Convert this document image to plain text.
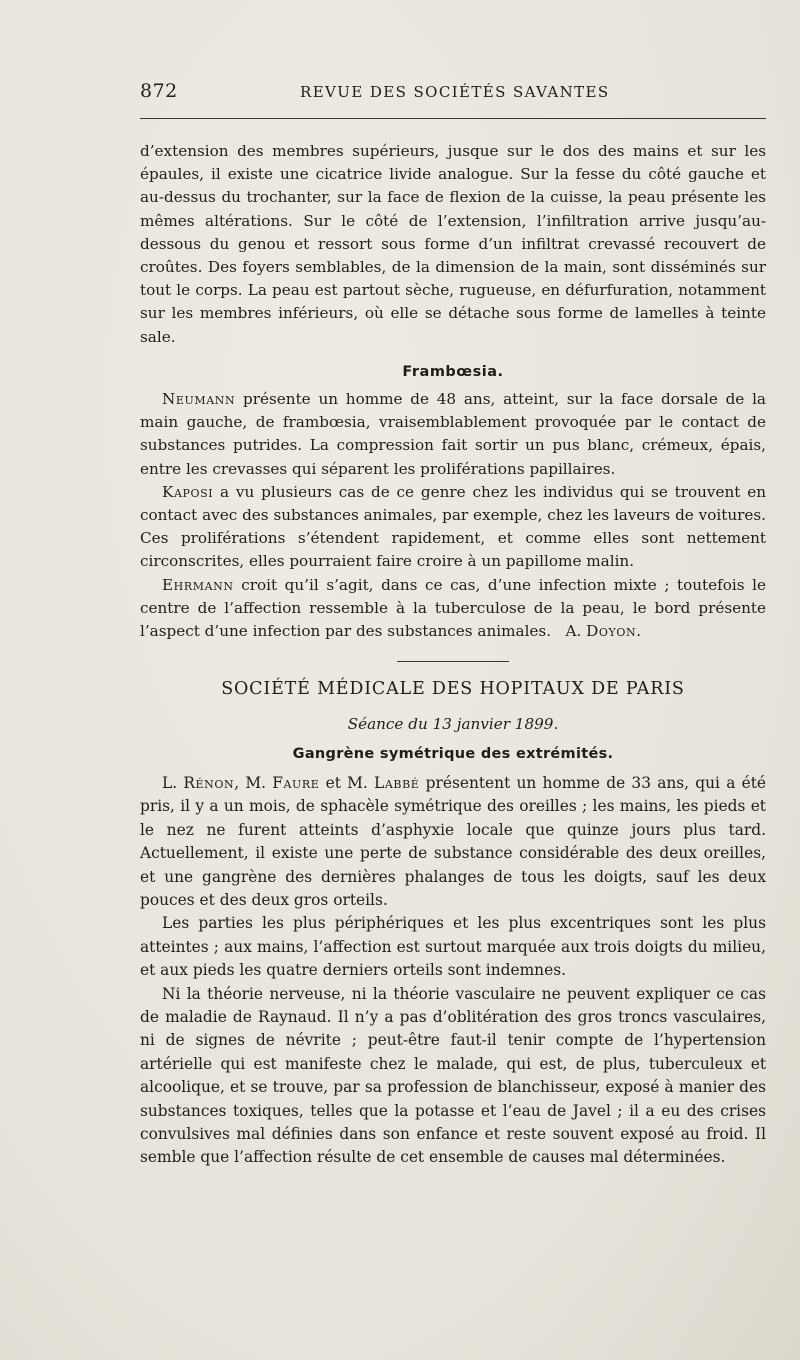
872	REVUE DES SOCIÉTÉS SAVANTES

d’extension des membres supérieurs, jusque sur le dos des mains et sur les épaules, il existe une cicatrice livide analogue. Sur la fesse du côté gauche et au-dessus du trochanter, sur la face de flexion de la cuisse, la peau présente les mêmes altérations. Sur le côté de l’extension, l’infiltration arrive jusqu’au-dessous du genou et ressort sous forme d’un infiltrat crevassé recouvert de croûtes. Des foyers semblables, de la dimension de la main, sont disséminés sur tout le corps. La peau est partout sèche, rugueuse, en défurfuration, notamment sur les membres inférieurs, où elle se détache sous forme de lamelles à teinte sale.

Frambœsia.

Neumann présente un homme de 48 ans, atteint, sur la face dorsale de la main gauche, de frambœsia, vraisemblablement provoquée par le contact de substances putrides. La compression fait sortir un pus blanc, crémeux, épais, entre les crevasses qui séparent les proliférations papillaires.

Kaposi a vu plusieurs cas de ce genre chez les individus qui se trouvent en contact avec des substances animales, par exemple, chez les laveurs de voitures. Ces proliférations s’étendent rapidement, et comme elles sont nettement circonscrites, elles pourraient faire croire à un papillome malin.

Ehrmann croit qu’il s’agit, dans ce cas, d’une infection mixte ; toutefois le centre de l’affection ressemble à la tuberculose de la peau, le bord présente l’aspect d’une infection par des substances animales. A. Doyon.

SOCIÉTÉ MÉDICALE DES HOPITAUX DE PARIS

Séance du 13 janvier 1899.

Gangrène symétrique des extrémités.

L. Rénon, M. Faure et M. Labbé présentent un homme de 33 ans, qui a été pris, il y a un mois, de sphacèle symétrique des oreilles ; les mains, les pieds et le nez ne furent atteints d’asphyxie locale que quinze jours plus tard. Actuellement, il existe une perte de substance considérable des deux oreilles, et une gangrène des dernières phalanges de tous les doigts, sauf les deux pouces et des deux gros orteils.

Les parties les plus périphériques et les plus excentriques sont les plus atteintes ; aux mains, l’affection est surtout marquée aux trois doigts du milieu, et aux pieds les quatre derniers orteils sont indemnes.

Ni la théorie nerveuse, ni la théorie vasculaire ne peuvent expliquer ce cas de maladie de Raynaud. Il n’y a pas d’oblitération des gros troncs vasculaires, ni de signes de névrite ; peut-être faut-il tenir compte de l’hypertension artérielle qui est manifeste chez le malade, qui est, de plus, tuberculeux et alcoolique, et se trouve, par sa profession de blanchisseur, exposé à manier des substances toxiques, telles que la potasse et l’eau de Javel ; il a eu des crises convulsives mal définies dans son enfance et reste souvent exposé au froid. Il semble que l’affection résulte de cet ensemble de causes mal déterminées.
